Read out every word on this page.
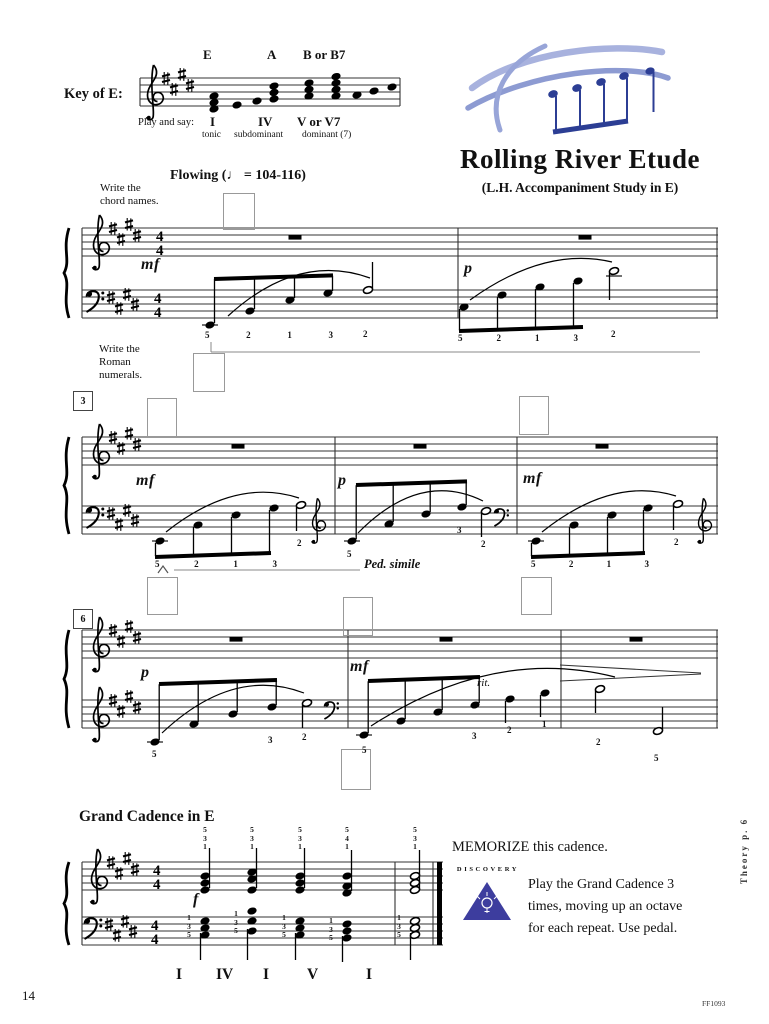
4
4
4
4
4
4
4
4
Key of E:
E	A B or B7
Play and say: I	IV V or V7
tonic subdominant dominant (7)
Rolling River Etude
(L.H. Accompaniment Study in E)
Flowing (♩ = 104-116)
Write the
chord names.
Write the
Roman
numerals.
3
6
mf	p
mf	p	mf
p	mf
f
rit.
Ped. simile
5	2	1	3	2	5	2	1	3	2
5	2	1	3
2
5
3
2
5	2	1	3
2
5
3	2
5
3
2
1
2
5
Grand Cadence in E
5
3
1
5
3
1
5
3
1
5
4
1
5
3
1
1
3
5
1
3
5
1
3
5
1
3
5
1
3
5
I IV I V	I
MEMORIZE this cadence.
DISCOVERY
Play the Grand Cadence 3
times, moving up an octave
for each repeat. Use pedal.
Theory p. 6
14
FF1093
